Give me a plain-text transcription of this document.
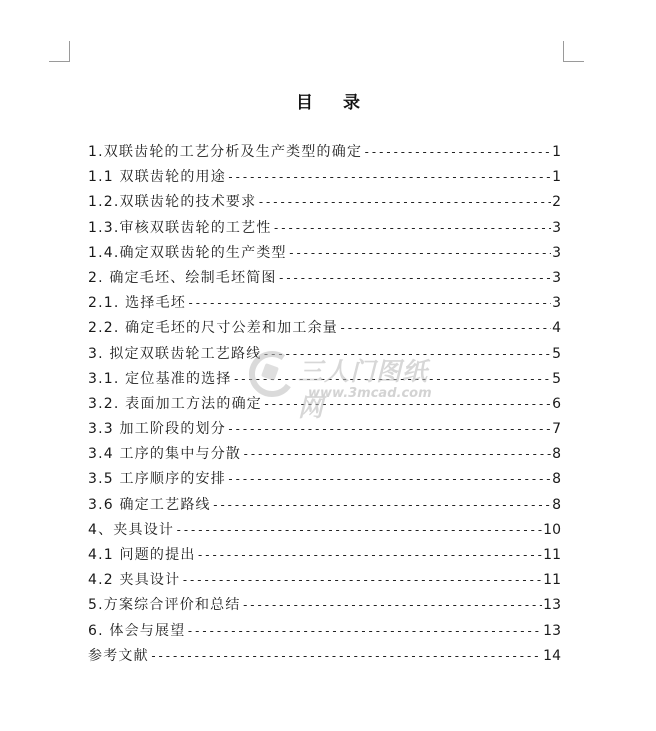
目 录
1.双联齿轮的工艺分析及生产类型的确定 -----	1
1.1 双联齿轮的用途 -----	1
1.2.双联齿轮的技术要求 -----	2
1.3.审核双联齿轮的工艺性 -----	3
1.4.确定双联齿轮的生产类型 -----	3
2. 确定毛坯、绘制毛坯简图 -----	3
2.1. 选择毛坯 -----	3
2.2. 确定毛坯的尺寸公差和加工余量 -----	4
3. 拟定双联齿轮工艺路线 -----	5
3.1. 定位基准的选择 -----	5
3.2. 表面加工方法的确定 -----	6
3.3 加工阶段的划分 -----	7
3.4 工序的集中与分散 -----	8
3.5 工序顺序的安排 -----	8
3.6 确定工艺路线 -----	8
4、夹具设计 -----	10
4.1 问题的提出 -----	11
4.2 夹具设计 -----	11
5.方案综合评价和总结 -----	13
6. 体会与展望 -----	13
参考文献 -----	14
三人门图纸网
www.3mcad.com
